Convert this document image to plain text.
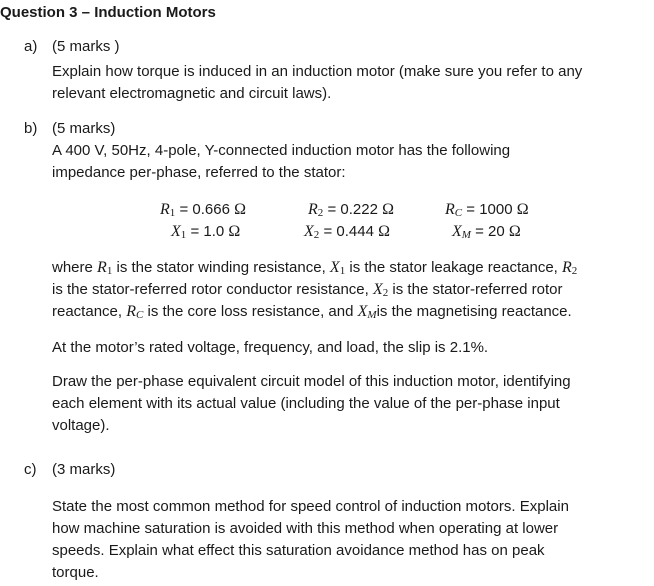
Question 3 – Induction Motors
a) (5 marks )
Explain how torque is induced in an induction motor (make sure you refer to any
relevant electromagnetic and circuit laws).
b) (5 marks)
A 400 V, 50Hz, 4-pole, Y-connected induction motor has the following
impedance per-phase, referred to the stator:
$R_1 = 0.666$ Ω
$X_1 = 1.0$ Ω
$R_2 = 0.222$ Ω
$X_2 = 0.444$ Ω
$R_C = 1000$ Ω
$X_M = 20$ Ω
where $R_1$ is the stator winding resistance, $X_1$ is the stator leakage reactance, $R_2$
is the stator-referred rotor conductor resistance, $X_2$ is the stator-referred rotor
reactance, $R_C$ is the core loss resistance, and $X_Mis$ the magnetising reactance.
At the motor’s rated voltage, frequency, and load, the slip is 2.1%.
Draw the per-phase equivalent circuit model of this induction motor, identifying
each element with its actual value (including the value of the per-phase input
voltage).
c) (3 marks)
State the most common method for speed control of induction motors. Explain
how machine saturation is avoided with this method when operating at lower
speeds. Explain what effect this saturation avoidance method has on peak
torque.
